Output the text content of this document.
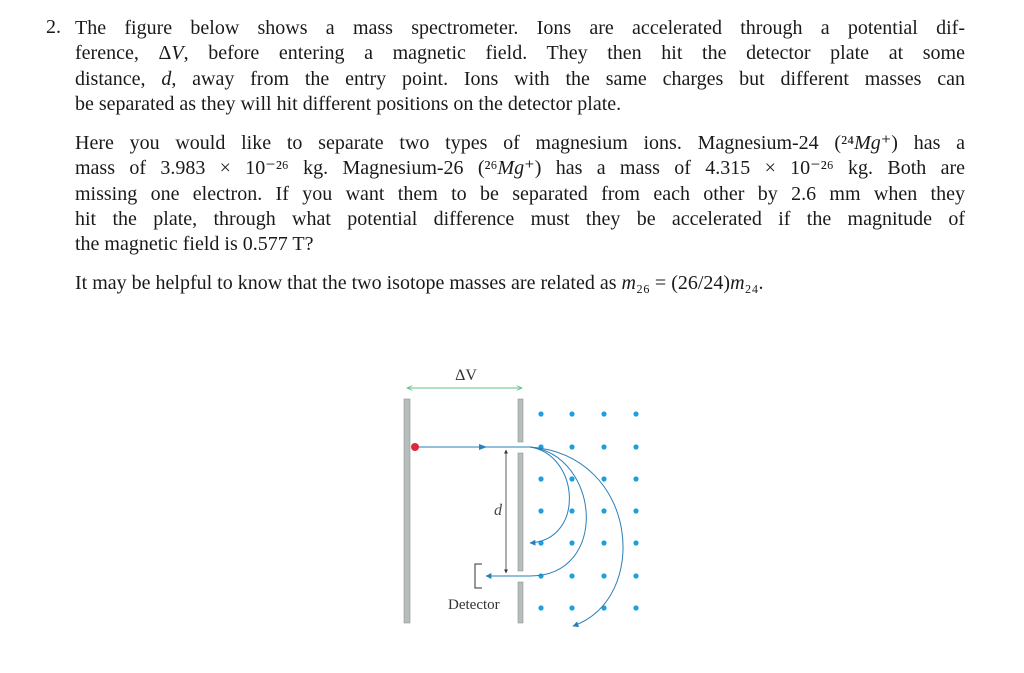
2. The figure below shows a mass spectrometer. Ions are accelerated through a potential dif-
ference, ΔV, before entering a magnetic field. They then hit the detector plate at some
distance, d, away from the entry point. Ions with the same charges but different masses can
be separated as they will hit different positions on the detector plate.
Here you would like to separate two types of magnesium ions. Magnesium-24 (²⁴Mg⁺) has a
mass of 3.983 × 10⁻²⁶ kg. Magnesium-26 (²⁶Mg⁺) has a mass of 4.315 × 10⁻²⁶ kg. Both are
missing one electron. If you want them to be separated from each other by 2.6 mm when they
hit the plate, through what potential difference must they be accelerated if the magnitude of
the magnetic field is 0.577 T?
It may be helpful to know that the two isotope masses are related as m₂₆ = (26/24)m₂₄.
ΔV
d
Detector
